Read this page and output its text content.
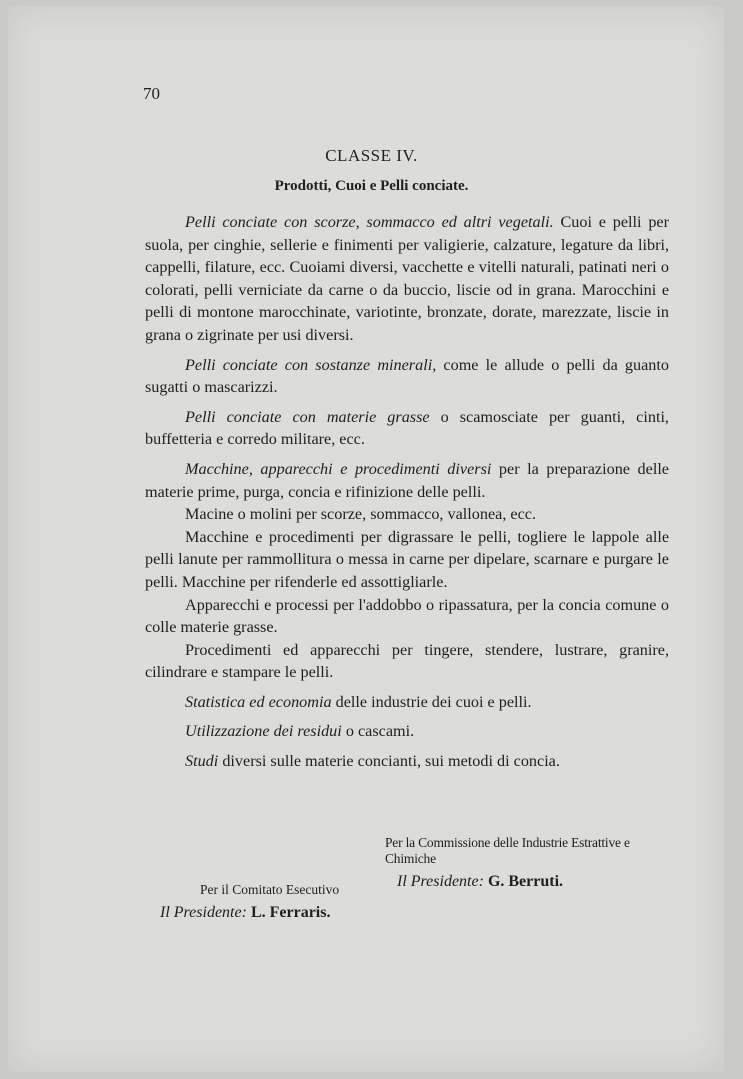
70
CLASSE IV.
Prodotti, Cuoi e Pelli conciate.

Pelli conciate con scorze, sommacco ed altri vegetali. Cuoi e pelli per suola, per cinghie, sellerie e finimenti per valigierie, calzature, legature da libri, cappelli, filature, ecc. Cuoiami diversi, vacchette e vitelli naturali, patinati neri o colorati, pelli verniciate da carne o da buccio, liscie od in grana. Marocchini e pelli di montone marocchinate, variotinte, bronzate, dorate, marezzate, liscie in grana o zigrinate per usi diversi.

Pelli conciate con sostanze minerali, come le allude o pelli da guanto sugatti o mascarizzi.

Pelli conciate con materie grasse o scamosciate per guanti, cinti, buffetteria e corredo militare, ecc.

Macchine, apparecchi e procedimenti diversi per la preparazione delle materie prime, purga, concia e rifinizione delle pelli.

Macine o molini per scorze, sommacco, vallonea, ecc.

Macchine e procedimenti per digrassare le pelli, togliere le lappole alle pelli lanute per rammollitura o messa in carne per dipelare, scarnare e purgare le pelli. Macchine per rifenderle ed assottigliarle.

Apparecchi e processi per l'addobbo o ripassatura, per la concia comune o colle materie grasse.

Procedimenti ed apparecchi per tingere, stendere, lustrare, granire, cilindrare e stampare le pelli.

Statistica ed economia delle industrie dei cuoi e pelli.

Utilizzazione dei residui o cascami.

Studi diversi sulle materie concianti, sui metodi di concia.

Per la Commissione delle Industrie Estrattive e Chimiche
Il Presidente: G. Berruti.
Per il Comitato Esecutivo
Il Presidente: L. Ferraris.
